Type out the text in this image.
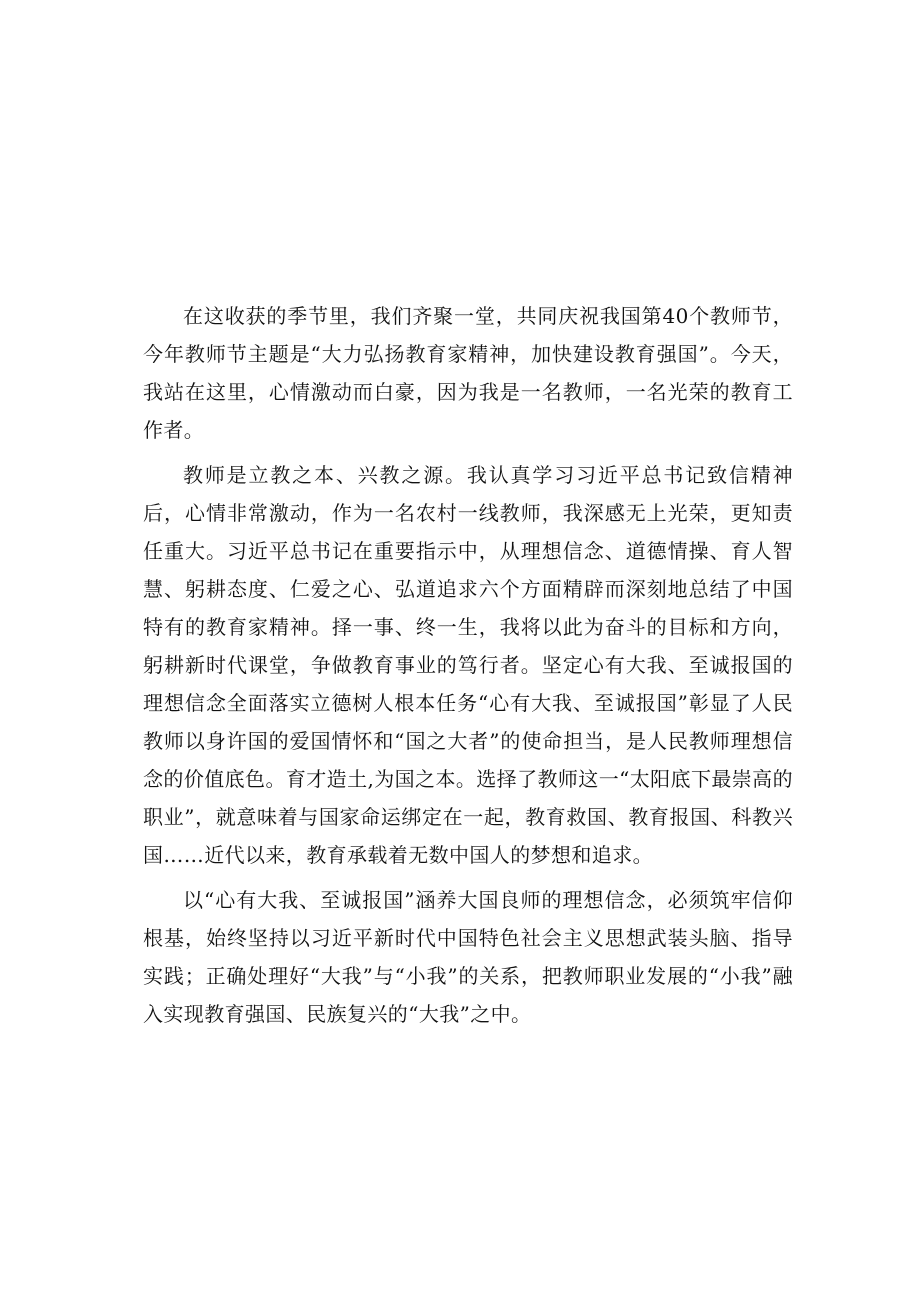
在这收获的季节里，我们齐聚一堂，共同庆祝我国第40个教师节，今年教师节主题是“大力弘扬教育家精神，加快建设教育强国”。今天，我站在这里，心情激动而白豪，因为我是一名教师，一名光荣的教育工作者。

教师是立教之本、兴教之源。我认真学习习近平总书记致信精神后，心情非常激动，作为一名农村一线教师，我深感无上光荣，更知责任重大。习近平总书记在重要指示中，从理想信念、道德情操、育人智慧、躬耕态度、仁爱之心、弘道追求六个方面精辟而深刻地总结了中国特有的教育家精神。择一事、终一生，我将以此为奋斗的目标和方向，躬耕新时代课堂，争做教育事业的笃行者。坚定心有大我、至诚报国的理想信念全面落实立德树人根本任务“心有大我、至诚报国”彰显了人民教师以身许国的爱国情怀和“国之大者”的使命担当，是人民教师理想信念的价值底色。育才造土,为国之本。选择了教师这一“太阳底下最崇高的职业”，就意味着与国家命运绑定在一起，教育救国、教育报国、科教兴国……近代以来，教育承载着无数中国人的梦想和追求。

以“心有大我、至诚报国”涵养大国良师的理想信念，必须筑牢信仰根基，始终坚持以习近平新时代中国特色社会主义思想武装头脑、指导实践；正确处理好“大我”与“小我”的关系，把教师职业发展的“小我”融入实现教育强国、民族复兴的“大我”之中。
